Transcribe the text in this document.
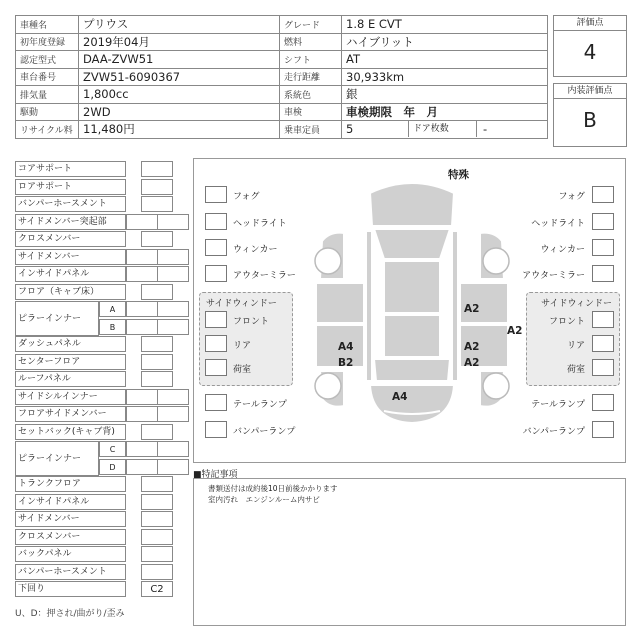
車種名	プリウス	グレード	1.8 E CVT
初年度登録	2019年04月	燃料	ハイブリット
認定型式	DAA-ZVW51	シフト	AT
車台番号	ZVW51-6090367	走行距離	30,933km
排気量	1,800cc	系統色	銀
駆動	2WD	車検	車検期限　年　月
リサイクル料	11,480円	乗車定員	5 ドア枚数 -
評価点
4
内装評価点
B
コアサポート
ロアサポート
バンパーホースメント
サイドメンバー突起部
クロスメンバー
サイドメンバー
インサイドパネル
フロア（キャブ床）
ピラーインナー
A
B
ダッシュパネル
センターフロア
ルーフパネル
サイドシルインナー
フロアサイドメンバー
セットバック(キャブ背)
ピラーインナー
C
D
トランクフロア
インサイドパネル
サイドメンバー
クロスメンバー
バックパネル
バンパーホースメント
下回り	C2
特殊
フォグ
ヘッドライト
ウィンカー
アウターミラー
フォグ
ヘッドライト
ウィンカー
アウターミラー
サイドウィンドー
フロント
リア
荷室
サイドウィンドー
フロント
リア
荷室
テールランプ
バンパーランプ
テールランプ
バンパーランプ
A4
B2
A2
A2
A2
A2
A4
■特記事項
書類送付は成約後10日前後かかります
室内汚れ　エンジンルーム内サビ
U、D：押され/曲がり/歪み
